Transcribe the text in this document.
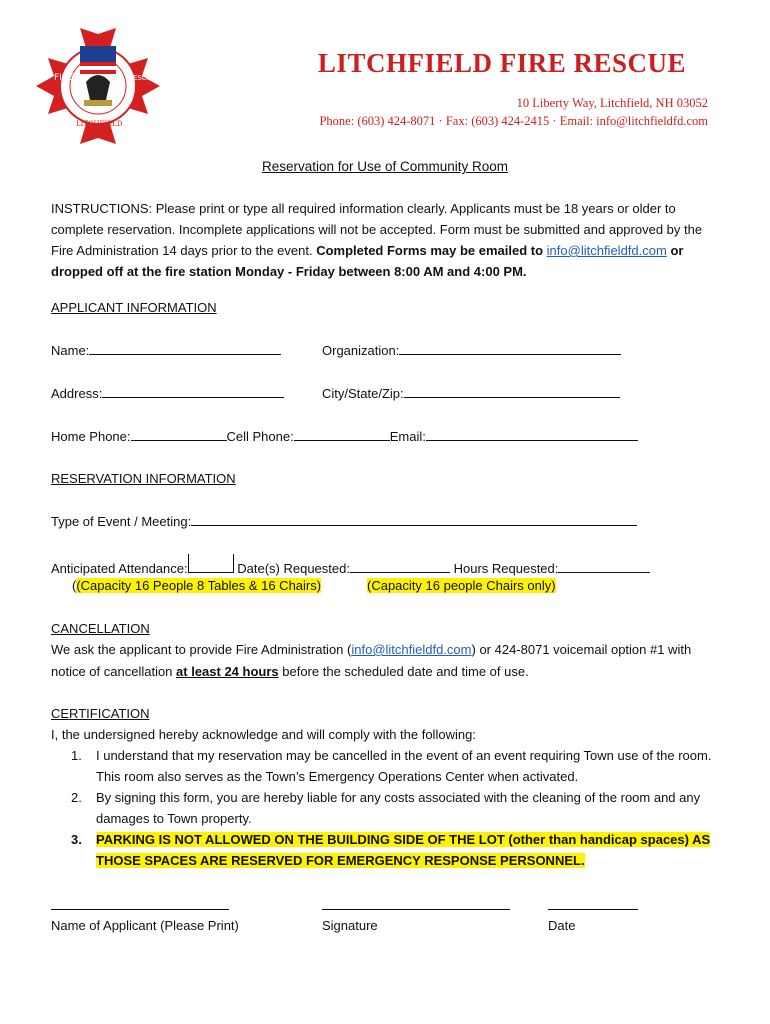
FIRE	RESCUE
LITCHFIELD
LITCHFIELD FIRE RESCUE
10 Liberty Way, Litchfield, NH 03052
Phone: (603) 424-8071 · Fax: (603) 424-2415 · Email: info@litchfieldfd.com
Reservation for Use of Community Room
INSTRUCTIONS: Please print or type all required information clearly. Applicants must be 18 years or older to complete reservation. Incomplete applications will not be accepted. Form must be submitted and approved by the Fire Administration 14 days prior to the event. Completed Forms may be emailed to info@litchfieldfd.com or dropped off at the fire station Monday - Friday between 8:00 AM and 4:00 PM.
APPLICANT INFORMATION
Name:	Organization:
Address:	City/State/Zip:
Home Phone:	Cell Phone:	Email:
RESERVATION INFORMATION
Type of Event / Meeting:
Anticipated Attendance:	Date(s) Requested:	Hours Requested:
((Capacity 16 People 8 Tables & 16 Chairs)	(Capacity 16 people Chairs only)
CANCELLATION
We ask the applicant to provide Fire Administration (info@litchfieldfd.com) or 424-8071 voicemail option #1 with
notice of cancellation at least 24 hours before the scheduled date and time of use.
CERTIFICATION
I, the undersigned hereby acknowledge and will comply with the following:
1. I understand that my reservation may be cancelled in the event of an event requiring Town use of the room. This room also serves as the Town’s Emergency Operations Center when activated.
2. By signing this form, you are hereby liable for any costs associated with the cleaning of the room and any damages to Town property.
3. PARKING IS NOT ALLOWED ON THE BUILDING SIDE OF THE LOT (other than handicap spaces) AS THOSE SPACES ARE RESERVED FOR EMERGENCY RESPONSE PERSONNEL.
Name of Applicant (Please Print)	Signature	Date
